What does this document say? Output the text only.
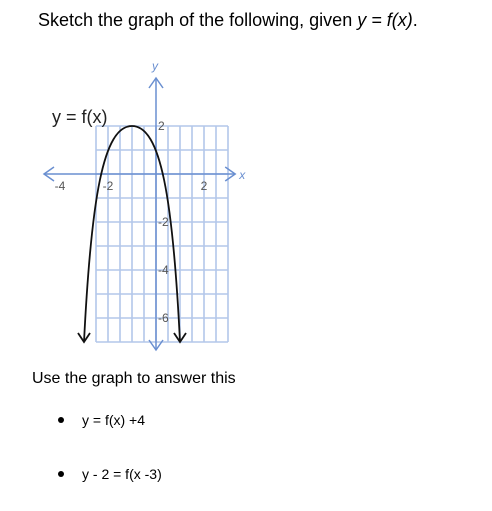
Sketch the graph of the following, given y = f(x).
x
y
-4	-2	2
2
-2
-4
-6
y = f(x)
Use the graph to answer this
y = f(x) +4
y - 2 = f(x -3)
